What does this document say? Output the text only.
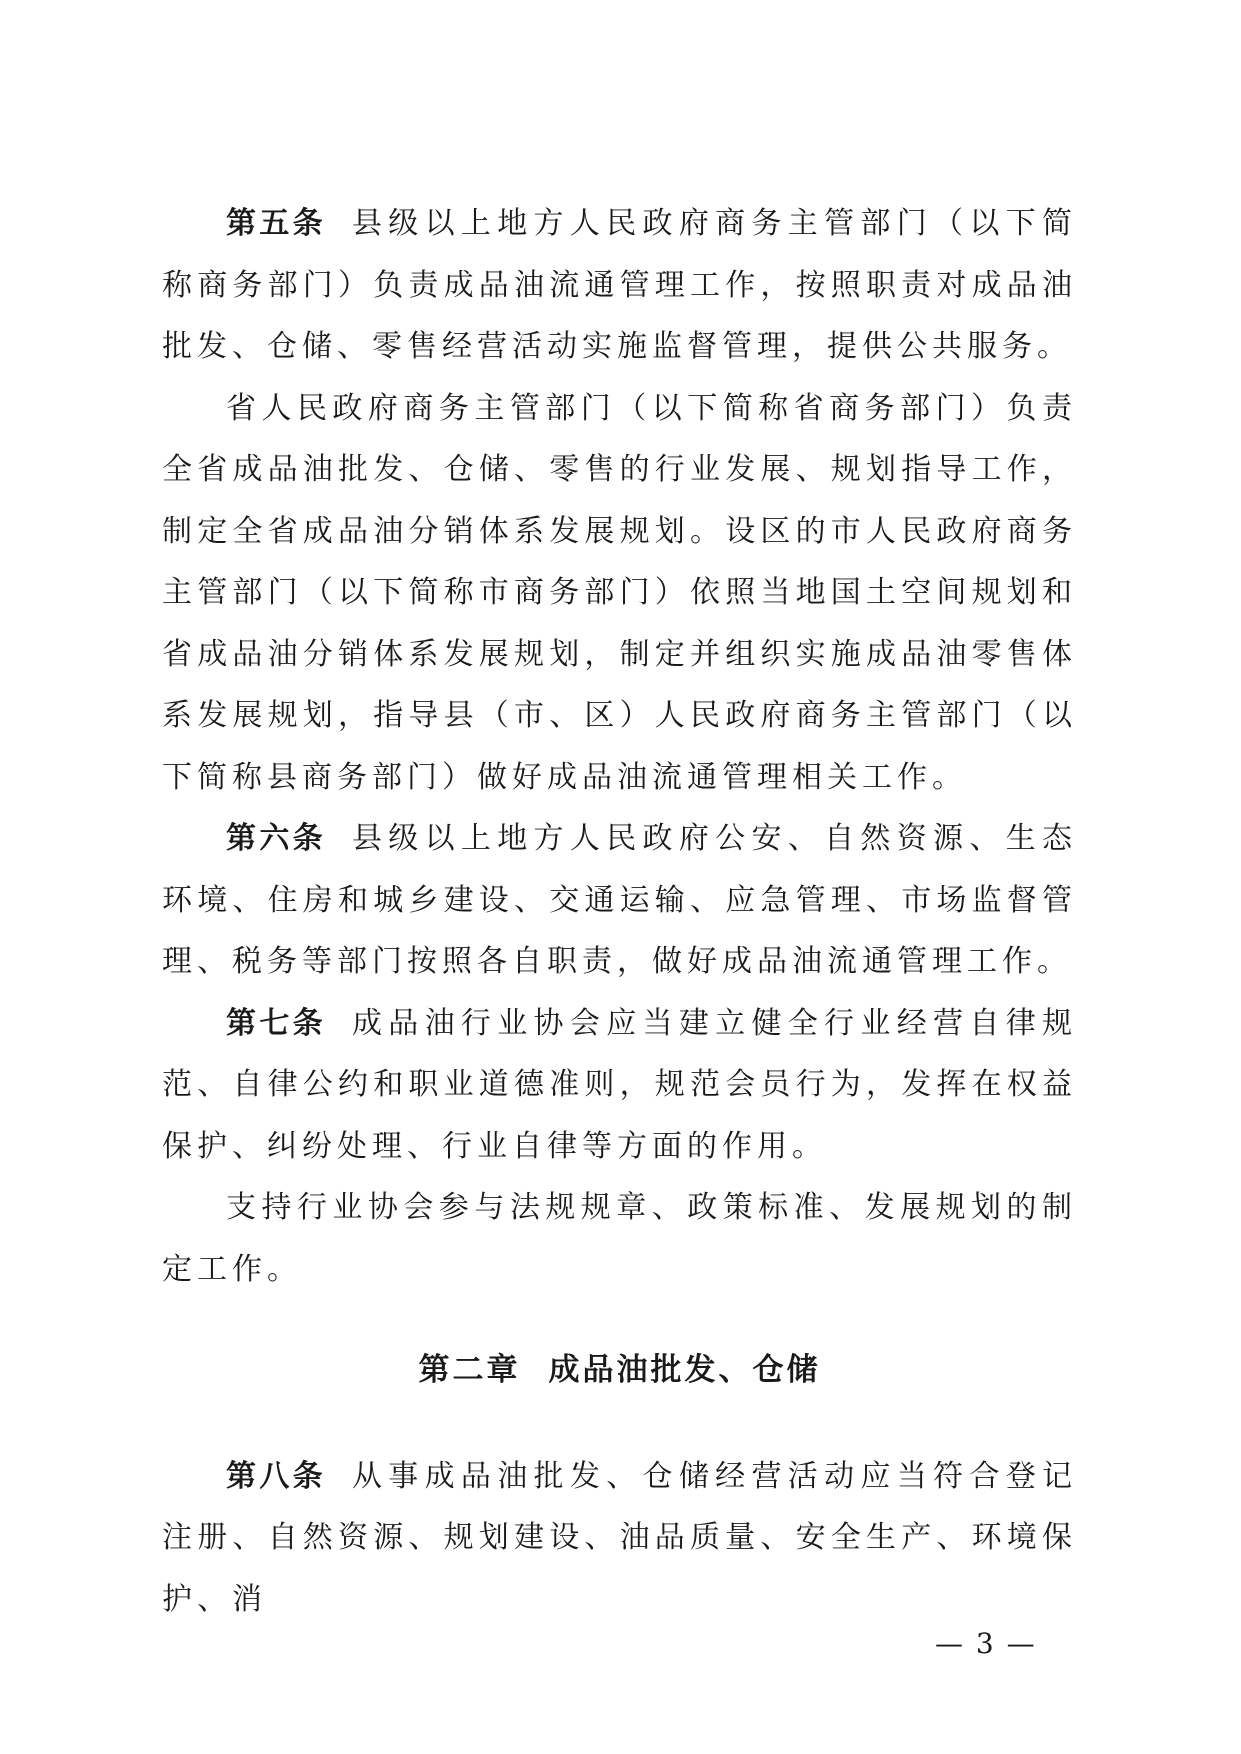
第五条 县级以上地方人民政府商务主管部门（以下简称商务部门）负责成品油流通管理工作，按照职责对成品油批发、仓储、零售经营活动实施监督管理，提供公共服务。

省人民政府商务主管部门（以下简称省商务部门）负责全省成品油批发、仓储、零售的行业发展、规划指导工作，制定全省成品油分销体系发展规划。设区的市人民政府商务主管部门（以下简称市商务部门）依照当地国土空间规划和省成品油分销体系发展规划，制定并组织实施成品油零售体系发展规划，指导县（市、区）人民政府商务主管部门（以下简称县商务部门）做好成品油流通管理相关工作。

第六条 县级以上地方人民政府公安、自然资源、生态环境、住房和城乡建设、交通运输、应急管理、市场监督管理、税务等部门按照各自职责，做好成品油流通管理工作。

第七条 成品油行业协会应当建立健全行业经营自律规范、自律公约和职业道德准则，规范会员行为，发挥在权益保护、纠纷处理、行业自律等方面的作用。

支持行业协会参与法规规章、政策标准、发展规划的制定工作。

第二章 成品油批发、仓储

第八条 从事成品油批发、仓储经营活动应当符合登记注册、自然资源、规划建设、油品质量、安全生产、环境保护、消

— 3 —
